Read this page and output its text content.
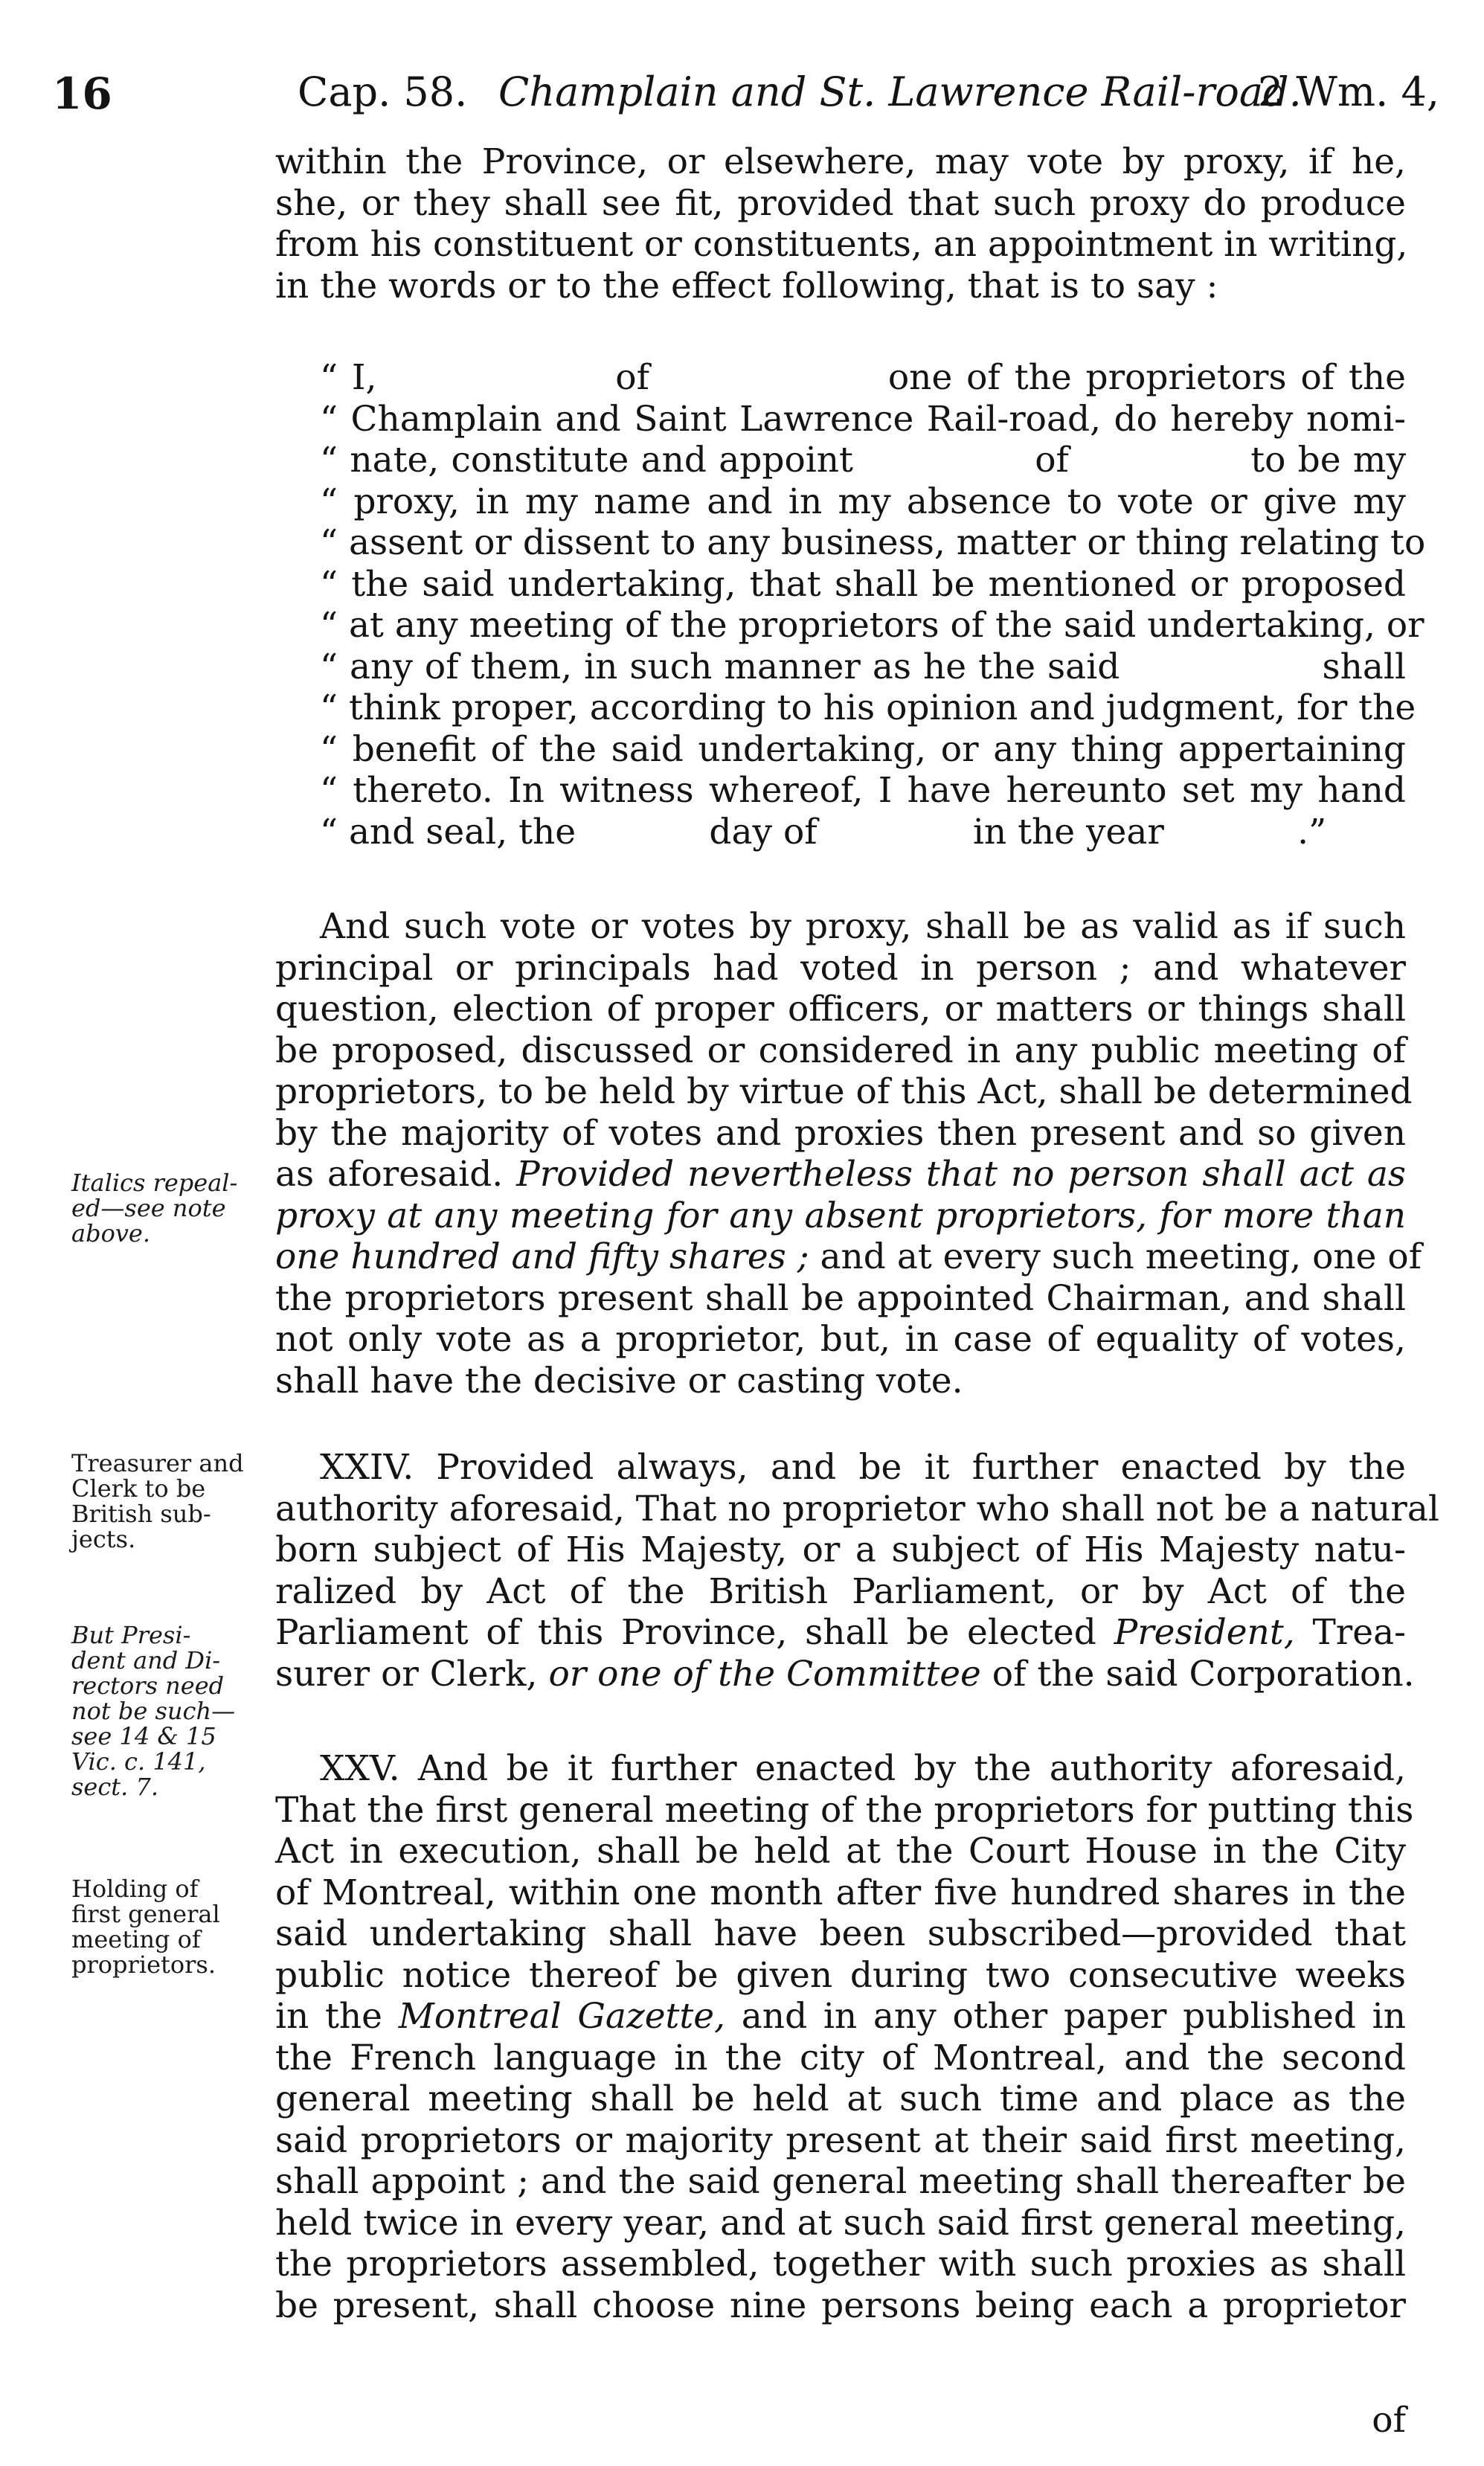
16	Cap. 58. Champlain and St. Lawrence Rail-road.
2 Wm. 4,
within the Province, or elsewhere, may vote by proxy, if he,
she, or they shall see fit, provided that such proxy do produce
from his constituent or constituents, an appointment in writing,
in the words or to the effect following, that is to say :
“ I,                 of                 one of the proprietors of the
“ Champlain and Saint Lawrence Rail-road, do hereby nomi-
“ nate, constitute and appoint               of               to be my
“ proxy, in my name and in my absence to vote or give my
“ assent or dissent to any business, matter or thing relating to
“ the said undertaking, that shall be mentioned or proposed
“ at any meeting of the proprietors of the said undertaking, or
“ any of them, in such manner as he the said                 shall
“ think proper, according to his opinion and judgment, for the
“ benefit of the said undertaking, or any thing appertaining
“ thereto. In witness whereof, I have hereunto set my hand
“ and seal, the            day of              in the year            .”
And such vote or votes by proxy, shall be as valid as if such
principal or principals had voted in person ; and whatever
question, election of proper officers, or matters or things shall
be proposed, discussed or considered in any public meeting of
proprietors, to be held by virtue of this Act, shall be determined
by the majority of votes and proxies then present and so given
as aforesaid. Provided nevertheless that no person shall act as
proxy at any meeting for any absent proprietors, for more than
one hundred and fifty shares ; and at every such meeting, one of
the proprietors present shall be appointed Chairman, and shall
not only vote as a proprietor, but, in case of equality of votes,
shall have the decisive or casting vote.
XXIV. Provided always, and be it further enacted by the
authority aforesaid, That no proprietor who shall not be a natural
born subject of His Majesty, or a subject of His Majesty natu-
ralized by Act of the British Parliament, or by Act of the
Parliament of this Province, shall be elected President, Trea-
surer or Clerk, or one of the Committee of the said Corporation.
XXV. And be it further enacted by the authority aforesaid,
That the first general meeting of the proprietors for putting this
Act in execution, shall be held at the Court House in the City
of Montreal, within one month after five hundred shares in the
said undertaking shall have been subscribed—provided that
public notice thereof be given during two consecutive weeks
in the Montreal Gazette, and in any other paper published in
the French language in the city of Montreal, and the second
general meeting shall be held at such time and place as the
said proprietors or majority present at their said first meeting,
shall appoint ; and the said general meeting shall thereafter be
held twice in every year, and at such said first general meeting,
the proprietors assembled, together with such proxies as shall
be present, shall choose nine persons being each a proprietor
of
Italics repeal-
ed—see note
above.
Treasurer and
Clerk to be
British sub-
jects.
But Presi-
dent and Di-
rectors need
not be such—
see 14 & 15
Vic. c. 141,
sect. 7.
Holding of
first general
meeting of
proprietors.
